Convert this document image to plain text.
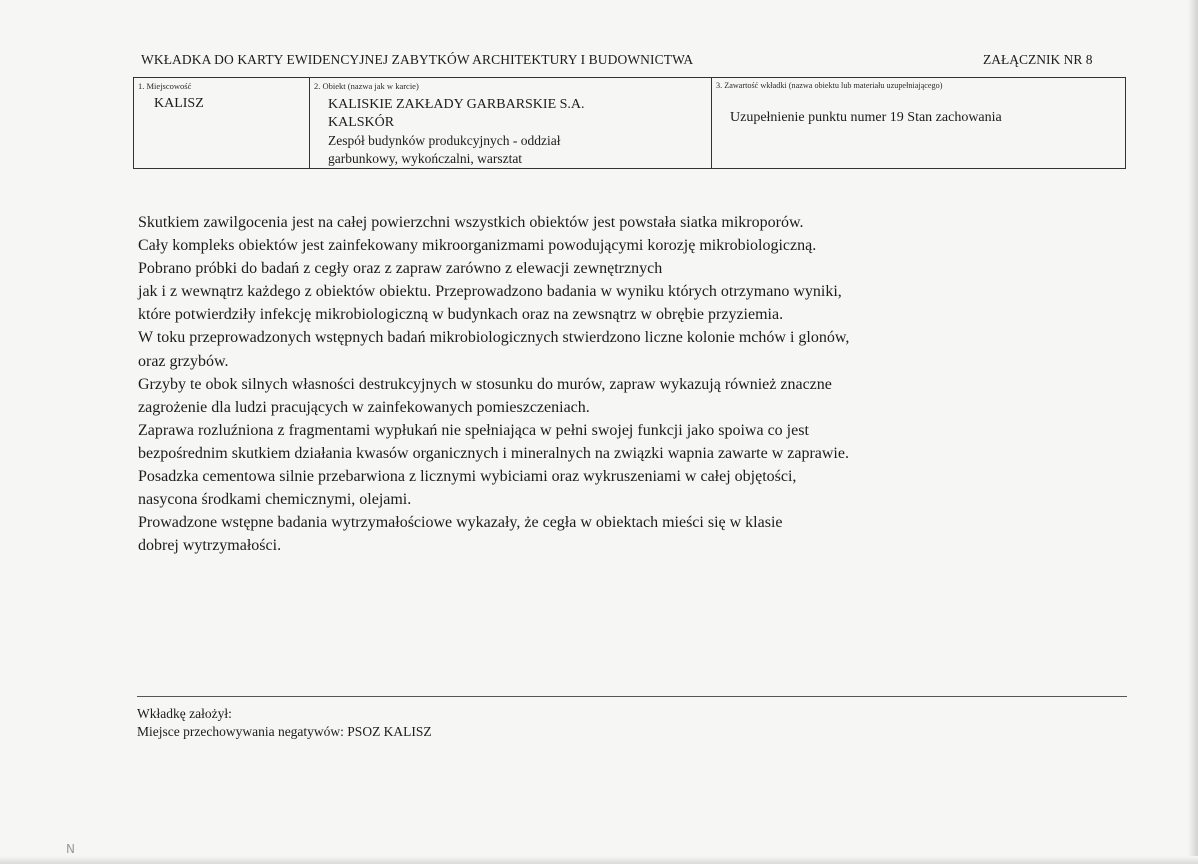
WKŁADKA DO KARTY EWIDENCYJNEJ ZABYTKÓW ARCHITEKTURY I BUDOWNICTWA	ZAŁĄCZNIK NR 8
1. Miejscowość
KALISZ
2. Obiekt (nazwa jak w karcie)
KALISKIE ZAKŁADY GARBARSKIE S.A.
KALSKÓR
Zespół budynków produkcyjnych - oddział
garbunkowy, wykończalni, warsztat
3. Zawartość wkładki (nazwa obiektu lub materiału uzupełniającego)
Uzupełnienie punktu numer 19 Stan zachowania
Skutkiem zawilgocenia jest na całej powierzchni wszystkich obiektów jest powstała siatka mikroporów.
Cały kompleks obiektów jest zainfekowany mikroorganizmami powodującymi korozję mikrobiologiczną.
Pobrano próbki do badań z cegły oraz z zapraw zarówno z elewacji zewnętrznych
jak i z wewnątrz każdego z obiektów obiektu. Przeprowadzono badania w wyniku których otrzymano wyniki,
które potwierdziły infekcję mikrobiologiczną w budynkach oraz na zewsnątrz w obrębie przyziemia.
W toku przeprowadzonych wstępnych badań mikrobiologicznych stwierdzono liczne kolonie mchów i glonów,
oraz grzybów.
Grzyby te obok silnych własności destrukcyjnych w stosunku do murów, zapraw wykazują również znaczne
zagrożenie dla ludzi pracujących w zainfekowanych pomieszczeniach.
Zaprawa rozluźniona z fragmentami wypłukań nie spełniająca w pełni swojej funkcji jako spoiwa co jest
bezpośrednim skutkiem działania kwasów organicznych i mineralnych na związki wapnia zawarte w zaprawie.
Posadzka cementowa silnie przebarwiona z licznymi wybiciami oraz wykruszeniami w całej objętości,
nasycona środkami chemicznymi, olejami.
Prowadzone wstępne badania wytrzymałościowe wykazały, że cegła w obiektach mieści się w klasie
dobrej wytrzymałości.
Wkładkę założył:
Miejsce przechowywania negatywów: PSOZ KALISZ
N
